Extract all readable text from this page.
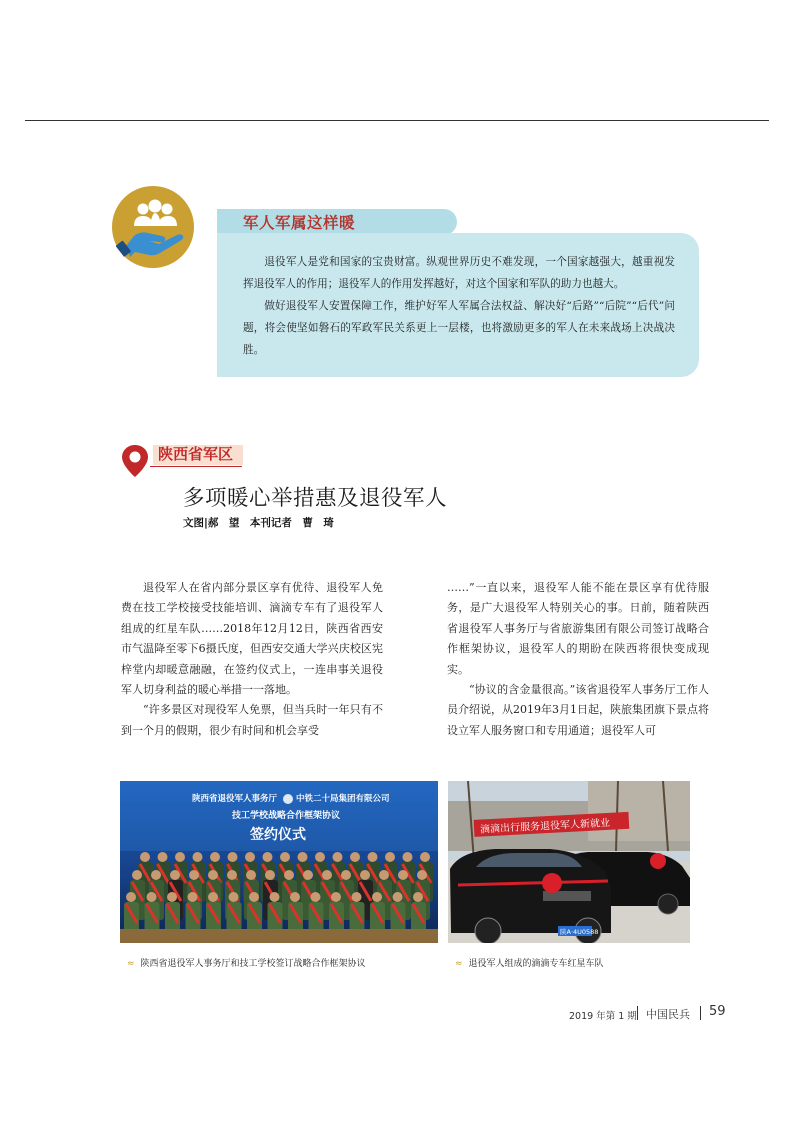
军人军属这样暖

退役军人是党和国家的宝贵财富。纵观世界历史不难发现，一个国家越强大，越重视发挥退役军人的作用；退役军人的作用发挥越好，对这个国家和军队的助力也越大。

做好退役军人安置保障工作，维护好军人军属合法权益、解决好“后路”“后院”“后代”问题，将会使坚如磐石的军政军民关系更上一层楼，也将激励更多的军人在未来战场上决战决胜。

陕西省军区
多项暖心举措惠及退役军人
文图|郝　望　本刊记者　曹　琦

退役军人在省内部分景区享有优待、退役军人免费在技工学校接受技能培训、滴滴专车有了退役军人组成的红星车队……2018年12月12日，陕西省西安市气温降至零下6摄氏度，但西安交通大学兴庆校区宪梓堂内却暖意融融，在签约仪式上，一连串事关退役军人切身利益的暖心举措一一落地。

“许多景区对现役军人免票，但当兵时一年只有不到一个月的假期，很少有时间和机会享受

……”一直以来，退役军人能不能在景区享有优待服务，是广大退役军人特别关心的事。日前，随着陕西省退役军人事务厅与省旅游集团有限公司签订战略合作框架协议，退役军人的期盼在陕西将很快变成现实。

“协议的含金量很高。”该省退役军人事务厅工作人员介绍说，从2019年3月1日起，陕旅集团旗下景点将设立军人服务窗口和专用通道；退役军人可

陕西省退役军人事务厅 中铁二十局集团有限公司
技工学校战略合作框架协议
签约仪式
≈ 陕西省退役军人事务厅和技工学校签订战略合作框架协议
滴滴出行服务退役军人新就业
陕A·4U0588
≈ 退役军人组成的滴滴专车红星车队
2019 年第 1 期 中国民兵 59
